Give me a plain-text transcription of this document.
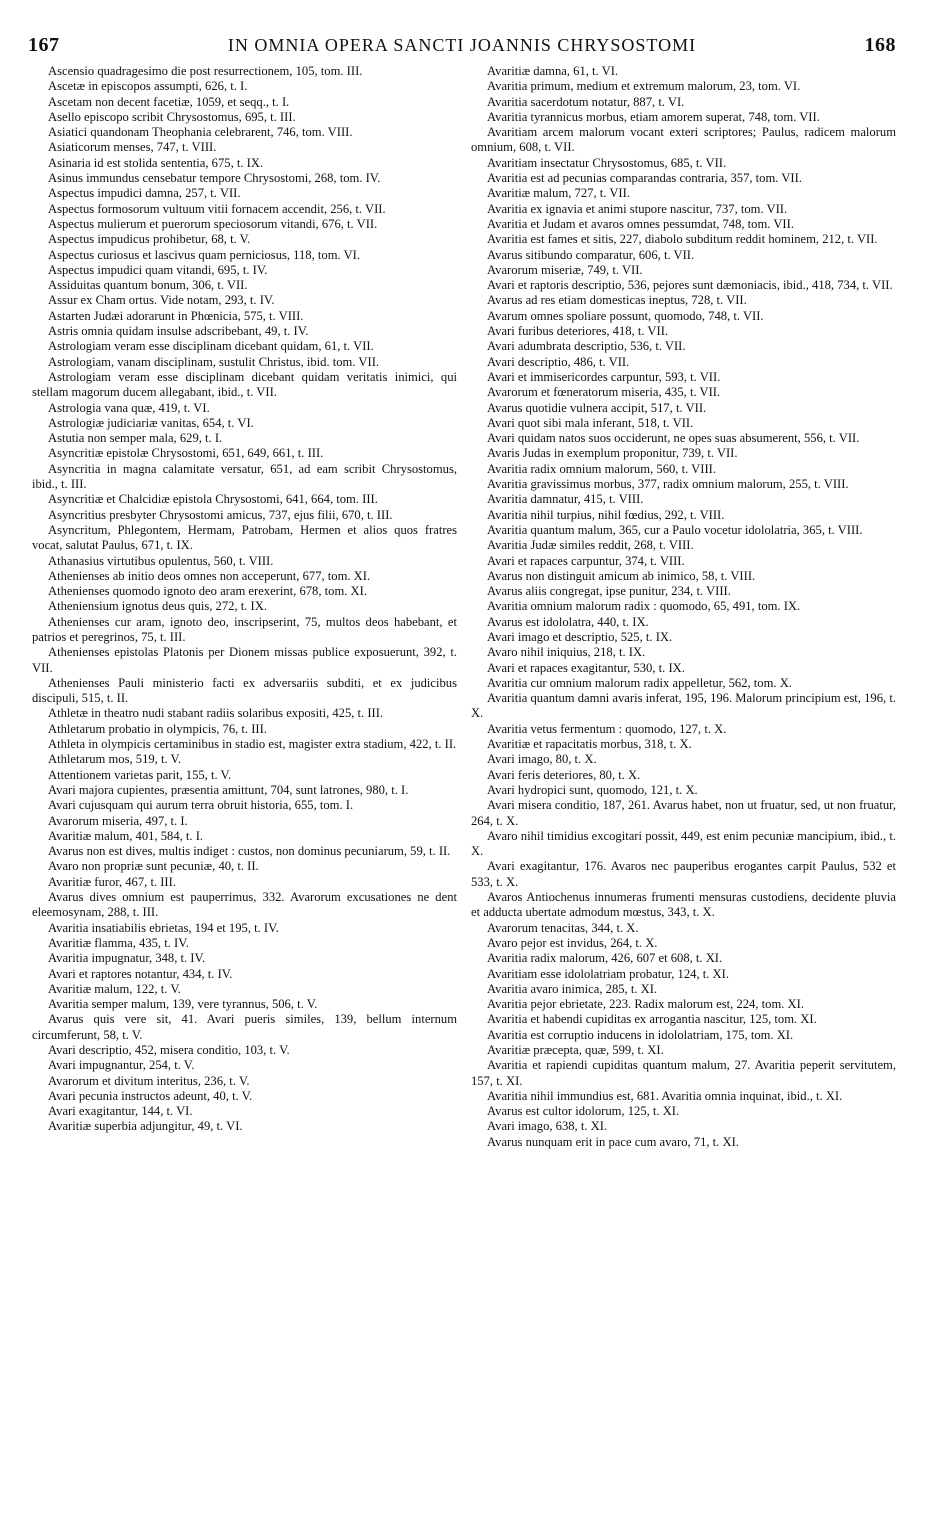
167	IN OMNIA OPERA SANCTI JOANNIS CHRYSOSTOMI	168

Ascensio quadragesimo die post resurrectionem, 105, tom. III.

Ascetæ in episcopos assumpti, 626, t. I.

Ascetam non decent facetiæ, 1059, et seqq., t. I.

Asello episcopo scribit Chrysostomus, 695, t. III.

Asiatici quandonam Theophania celebrarent, 746, tom. VIII.

Asiaticorum menses, 747, t. VIII.

Asinaria id est stolida sententia, 675, t. IX.

Asinus immundus censebatur tempore Chrysostomi, 268, tom. IV.

Aspectus impudici damna, 257, t. VII.

Aspectus formosorum vultuum vitii fornacem accendit, 256, t. VII.

Aspectus mulierum et puerorum speciosorum vitandi, 676, t. VII.

Aspectus impudicus prohibetur, 68, t. V.

Aspectus curiosus et lascivus quam perniciosus, 118, tom. VI.

Aspectus impudici quam vitandi, 695, t. IV.

Assiduitas quantum bonum, 306, t. VII.

Assur ex Cham ortus. Vide notam, 293, t. IV.

Astarten Judæi adorarunt in Phœnicia, 575, t. VIII.

Astris omnia quidam insulse adscribebant, 49, t. IV.

Astrologiam veram esse disciplinam dicebant quidam, 61, t. VII.

Astrologiam, vanam disciplinam, sustulit Christus, ibid. tom. VII.

Astrologiam veram esse disciplinam dicebant quidam veritatis inimici, qui stellam magorum ducem allegabant, ibid., t. VII.

Astrologia vana quæ, 419, t. VI.

Astrologiæ judiciariæ vanitas, 654, t. VI.

Astutia non semper mala, 629, t. I.

Asyncritiæ epistolæ Chrysostomi, 651, 649, 661, t. III.

Asyncritia in magna calamitate versatur, 651, ad eam scribit Chrysostomus, ibid., t. III.

Asyncritiæ et Chalcidiæ epistola Chrysostomi, 641, 664, tom. III.

Asyncritius presbyter Chrysostomi amicus, 737, ejus filii, 670, t. III.

Asyncritum, Phlegontem, Hermam, Patrobam, Hermen et alios quos fratres vocat, salutat Paulus, 671, t. IX.

Athanasius virtutibus opulentus, 560, t. VIII.

Athenienses ab initio deos omnes non acceperunt, 677, tom. XI.

Athenienses quomodo ignoto deo aram erexerint, 678, tom. XI.

Atheniensium ignotus deus quis, 272, t. IX.

Athenienses cur aram, ignoto deo, inscripserint, 75, multos deos habebant, et patrios et peregrinos, 75, t. III.

Athenienses epistolas Platonis per Dionem missas publice exposuerunt, 392, t. VII.

Athenienses Pauli ministerio facti ex adversariis subditi, et ex judicibus discipuli, 515, t. II.

Athletæ in theatro nudi stabant radiis solaribus expositi, 425, t. III.

Athletarum probatio in olympicis, 76, t. III.

Athleta in olympicis certaminibus in stadio est, magister extra stadium, 422, t. II.

Athletarum mos, 519, t. V.

Attentionem varietas parit, 155, t. V.

Avari majora cupientes, præsentia amittunt, 704, sunt latrones, 980, t. I.

Avari cujusquam qui aurum terra obruit historia, 655, tom. I.

Avarorum miseria, 497, t. I.

Avaritiæ malum, 401, 584, t. I.

Avarus non est dives, multis indiget : custos, non dominus pecuniarum, 59, t. II.

Avaro non propriæ sunt pecuniæ, 40, t. II.

Avaritiæ furor, 467, t. III.

Avarus dives omnium est pauperrimus, 332. Avarorum excusationes ne dent eleemosynam, 288, t. III.

Avaritia insatiabilis ebrietas, 194 et 195, t. IV.

Avaritiæ flamma, 435, t. IV.

Avaritia impugnatur, 348, t. IV.

Avari et raptores notantur, 434, t. IV.

Avaritiæ malum, 122, t. V.

Avaritia semper malum, 139, vere tyrannus, 506, t. V.

Avarus quis vere sit, 41. Avari pueris similes, 139, bellum internum circumferunt, 58, t. V.

Avari descriptio, 452, misera conditio, 103, t. V.

Avari impugnantur, 254, t. V.

Avarorum et divitum interitus, 236, t. V.

Avari pecunia instructos adeunt, 40, t. V.

Avari exagitantur, 144, t. VI.

Avaritiæ superbia adjungitur, 49, t. VI.

Avaritiæ damna, 61, t. VI.

Avaritia primum, medium et extremum malorum, 23, tom. VI.

Avaritia sacerdotum notatur, 887, t. VI.

Avaritia tyrannicus morbus, etiam amorem superat, 748, tom. VII.

Avaritiam arcem malorum vocant exteri scriptores; Paulus, radicem malorum omnium, 608, t. VII.

Avaritiam insectatur Chrysostomus, 685, t. VII.

Avaritia est ad pecunias comparandas contraria, 357, tom. VII.

Avaritiæ malum, 727, t. VII.

Avaritia ex ignavia et animi stupore nascitur, 737, tom. VII.

Avaritia et Judam et avaros omnes pessumdat, 748, tom. VII.

Avaritia est fames et sitis, 227, diabolo subditum reddit hominem, 212, t. VII.

Avarus sitibundo comparatur, 606, t. VII.

Avarorum miseriæ, 749, t. VII.

Avari et raptoris descriptio, 536, pejores sunt dæmoniacis, ibid., 418, 734, t. VII.

Avarus ad res etiam domesticas ineptus, 728, t. VII.

Avarum omnes spoliare possunt, quomodo, 748, t. VII.

Avari furibus deteriores, 418, t. VII.

Avari adumbrata descriptio, 536, t. VII.

Avari descriptio, 486, t. VII.

Avari et immisericordes carpuntur, 593, t. VII.

Avarorum et fœneratorum miseria, 435, t. VII.

Avarus quotidie vulnera accipit, 517, t. VII.

Avari quot sibi mala inferant, 518, t. VII.

Avari quidam natos suos occiderunt, ne opes suas absumerent, 556, t. VII.

Avaris Judas in exemplum proponitur, 739, t. VII.

Avaritia radix omnium malorum, 560, t. VIII.

Avaritia gravissimus morbus, 377, radix omnium malorum, 255, t. VIII.

Avaritia damnatur, 415, t. VIII.

Avaritia nihil turpius, nihil fœdius, 292, t. VIII.

Avaritia quantum malum, 365, cur a Paulo vocetur idololatria, 365, t. VIII.

Avaritia Judæ similes reddit, 268, t. VIII.

Avari et rapaces carpuntur, 374, t. VIII.

Avarus non distinguit amicum ab inimico, 58, t. VIII.

Avarus aliis congregat, ipse punitur, 234, t. VIII.

Avaritia omnium malorum radix : quomodo, 65, 491, tom. IX.

Avarus est idololatra, 440, t. IX.

Avari imago et descriptio, 525, t. IX.

Avaro nihil iniquius, 218, t. IX.

Avari et rapaces exagitantur, 530, t. IX.

Avaritia cur omnium malorum radix appelletur, 562, tom. X.

Avaritia quantum damni avaris inferat, 195, 196. Malorum principium est, 196, t. X.

Avaritia vetus fermentum : quomodo, 127, t. X.

Avaritiæ et rapacitatis morbus, 318, t. X.

Avari imago, 80, t. X.

Avari feris deteriores, 80, t. X.

Avari hydropici sunt, quomodo, 121, t. X.

Avari misera conditio, 187, 261. Avarus habet, non ut fruatur, sed, ut non fruatur, 264, t. X.

Avaro nihil timidius excogitari possit, 449, est enim pecuniæ mancipium, ibid., t. X.

Avari exagitantur, 176. Avaros nec pauperibus erogantes carpit Paulus, 532 et 533, t. X.

Avaros Antiochenus innumeras frumenti mensuras custodiens, decidente pluvia et adducta ubertate admodum mœstus, 343, t. X.

Avarorum tenacitas, 344, t. X.

Avaro pejor est invidus, 264, t. X.

Avaritia radix malorum, 426, 607 et 608, t. XI.

Avaritiam esse idololatriam probatur, 124, t. XI.

Avaritia avaro inimica, 285, t. XI.

Avaritia pejor ebrietate, 223. Radix malorum est, 224, tom. XI.

Avaritia et habendi cupiditas ex arrogantia nascitur, 125, tom. XI.

Avaritia est corruptio inducens in idololatriam, 175, tom. XI.

Avaritiæ præcepta, quæ, 599, t. XI.

Avaritia et rapiendi cupiditas quantum malum, 27. Avaritia peperit servitutem, 157, t. XI.

Avaritia nihil immundius est, 681. Avaritia omnia inquinat, ibid., t. XI.

Avarus est cultor idolorum, 125, t. XI.

Avari imago, 638, t. XI.

Avarus nunquam erit in pace cum avaro, 71, t. XI.
